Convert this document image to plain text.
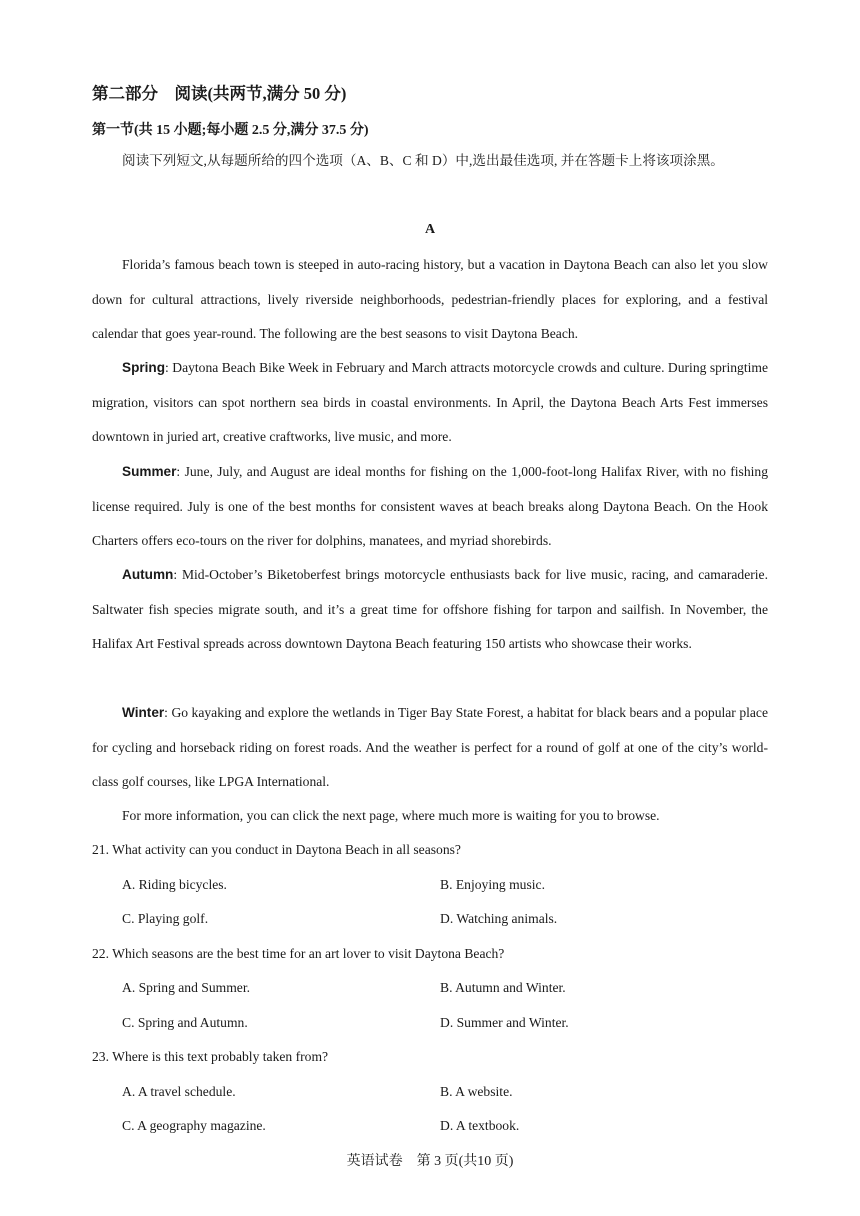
第二部分　阅读(共两节,满分 50 分)
第一节(共 15 小题;每小题 2.5 分,满分 37.5 分)
阅读下列短文,从每题所给的四个选项（A、B、C 和 D）中,选出最佳选项, 并在答题卡上将该项涂黑。
A
Florida’s famous beach town is steeped in auto-racing history, but a vacation in Daytona Beach can also let you slow down for cultural attractions, lively riverside neighborhoods, pedestrian-friendly places for exploring, and a festival calendar that goes year-round. The following are the best seasons to visit Daytona Beach.
Spring: Daytona Beach Bike Week in February and March attracts motorcycle crowds and culture. During springtime migration, visitors can spot northern sea birds in coastal environments. In April, the Daytona Beach Arts Fest immerses downtown in juried art, creative craftworks, live music, and more.
Summer: June, July, and August are ideal months for fishing on the 1,000-foot-long Halifax River, with no fishing license required. July is one of the best months for consistent waves at beach breaks along Daytona Beach. On the Hook Charters offers eco-tours on the river for dolphins, manatees, and myriad shorebirds.
Autumn: Mid-October’s Biketoberfest brings motorcycle enthusiasts back for live music, racing, and camaraderie. Saltwater fish species migrate south, and it’s a great time for offshore fishing for tarpon and sailfish. In November, the Halifax Art Festival spreads across downtown Daytona Beach featuring 150 artists who showcase their works.
Winter: Go kayaking and explore the wetlands in Tiger Bay State Forest, a habitat for black bears and a popular place for cycling and horseback riding on forest roads. And the weather is perfect for a round of golf at one of the city’s world-class golf courses, like LPGA International.
For more information, you can click the next page, where much more is waiting for you to browse.
21. What activity can you conduct in Daytona Beach in all seasons?
A. Riding bicycles.	B. Enjoying music.
C. Playing golf.	D. Watching animals.
22. Which seasons are the best time for an art lover to visit Daytona Beach?
A. Spring and Summer.	B. Autumn and Winter.
C. Spring and Autumn.	D. Summer and Winter.
23. Where is this text probably taken from?
A. A travel schedule.	B. A website.
C. A geography magazine.	D. A textbook.
英语试卷　第 3 页(共10 页)
